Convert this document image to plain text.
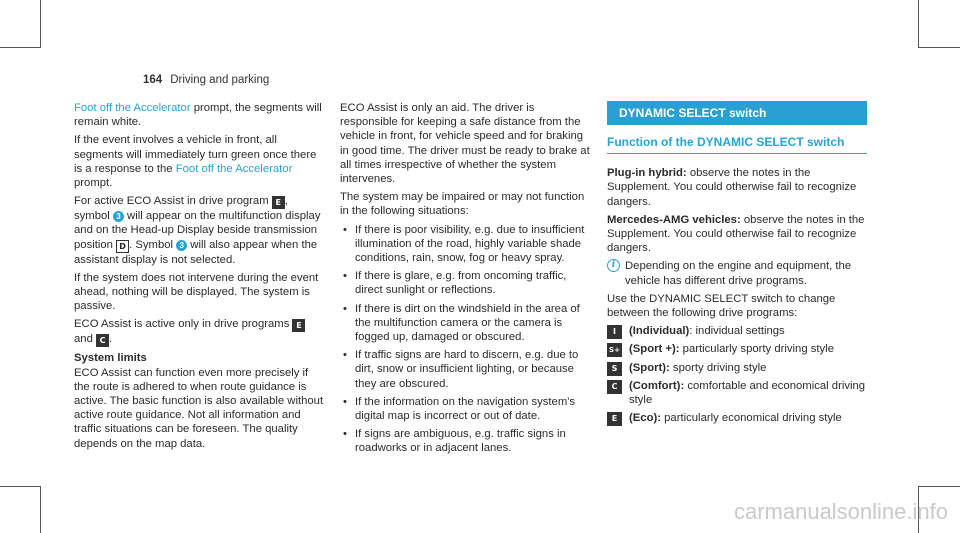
164 Driving and parking

Foot off the Accelerator prompt, the segments will remain white.

If the event involves a vehicle in front, all segments will immediately turn green once there is a response to the Foot off the Accelerator prompt.

For active ECO Assist in drive program E , symbol 3 will appear on the multifunction display and on the Head-up Display beside transmission position D . Symbol 3 will also appear when the assistant display is not selected.

If the system does not intervene during the event ahead, nothing will be displayed. The system is passive.

ECO Assist is active only in drive programs E and C .

System limits

ECO Assist can function even more precisely if the route is adhered to when route guidance is active. The basic function is also available without active route guidance. Not all information and traffic situations can be foreseen. The quality depends on the map data.

ECO Assist is only an aid. The driver is responsible for keeping a safe distance from the vehicle in front, for vehicle speed and for braking in good time. The driver must be ready to brake at all times irrespective of whether the system intervenes.

The system may be impaired or may not function in the following situations:

• If there is poor visibility, e.g. due to insufficient illumination of the road, highly variable shade conditions, rain, snow, fog or heavy spray.
• If there is glare, e.g. from oncoming traffic, direct sunlight or reflections.
• If there is dirt on the windshield in the area of the multifunction camera or the camera is fogged up, damaged or obscured.
• If traffic signs are hard to discern, e.g. due to dirt, snow or insufficient lighting, or because they are obscured.
• If the information on the navigation system's digital map is incorrect or out of date.
• If signs are ambiguous, e.g. traffic signs in roadworks or in adjacent lanes.
DYNAMIC SELECT switch
Function of the DYNAMIC SELECT switch

Plug-in hybrid: observe the notes in the Supplement. You could otherwise fail to recognize dangers.

Mercedes-AMG vehicles: observe the notes in the Supplement. You could otherwise fail to recognize dangers.

i Depending on the engine and equipment, the vehicle has different drive programs.

Use the DYNAMIC SELECT switch to change between the following drive programs:

I	(Individual): individual settings
S+ (Sport +): particularly sporty driving style
S	(Sport): sporty driving style
C	(Comfort): comfortable and economical driving style
E	(Eco): particularly economical driving style
carmanualsonline.info
